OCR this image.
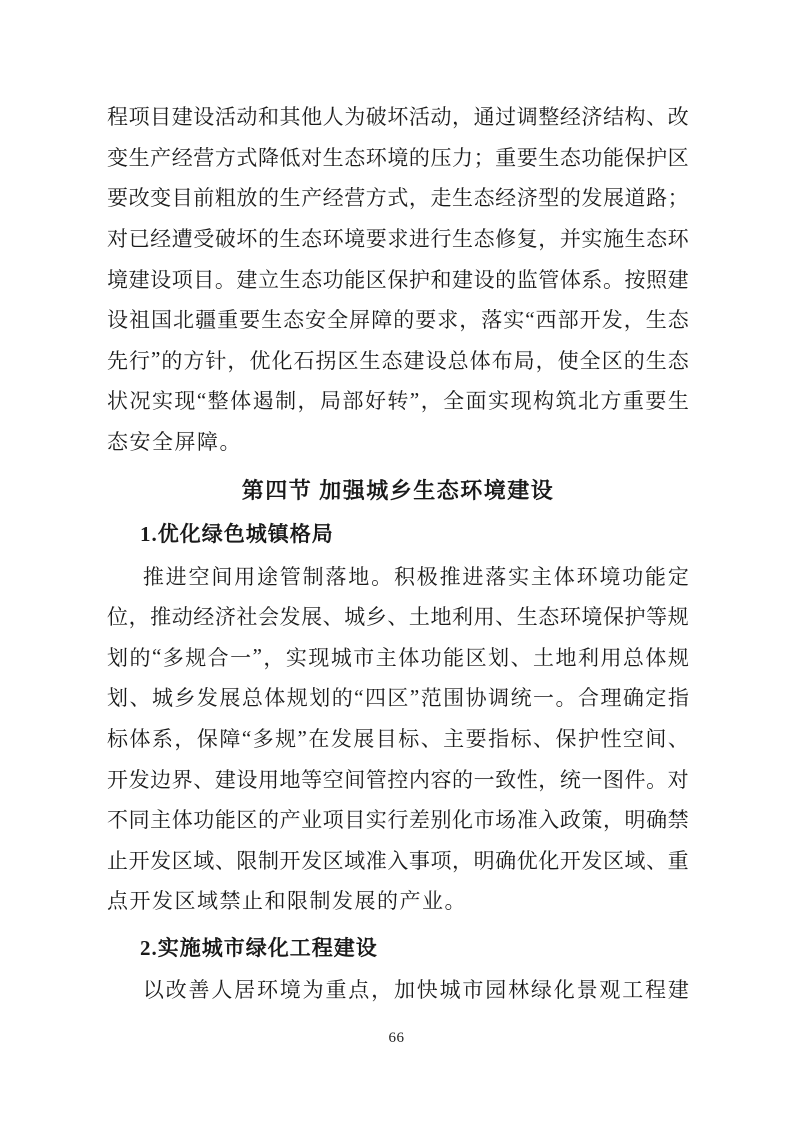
程 项 目 建 设 活 动 和 其 他 人 为 破 坏 活 动 ， 通 过 调 整 经 济 结 构 、 改
变 生 产 经 营 方 式 降 低 对 生 态 环 境 的 压 力 ； 重 要 生 态 功 能 保 护 区
要 改 变 目 前 粗 放 的 生 产 经 营 方 式 ， 走 生 态 经 济 型 的 发 展 道 路 ；
对 已 经 遭 受 破 坏 的 生 态 环 境 要 求 进 行 生 态 修 复 ， 并 实 施 生 态 环
境 建 设 项 目 。 建 立 生 态 功 能 区 保 护 和 建 设 的 监 管 体 系 。 按 照 建
设 祖 国 北 疆 重 要 生 态 安 全 屏 障 的 要 求 ， 落 实 “ 西 部 开 发 ， 生 态
先 行 ” 的 方 针 ， 优 化 石 拐 区 生 态 建 设 总 体 布 局 ， 使 全 区 的 生 态
状 况 实 现 “ 整 体 遏 制 ， 局 部 好 转 ” ， 全 面 实 现 构 筑 北 方 重 要 生
态安全屏障。
第四节 加强城乡生态环境建设
1.优化绿色城镇格局
推 进 空 间 用 途 管 制 落 地 。 积 极 推 进 落 实 主 体 环 境 功 能 定
位 ， 推 动 经 济 社 会 发 展 、 城 乡 、 土 地 利 用 、 生 态 环 境 保 护 等 规
划 的 “ 多 规 合 一 ” ， 实 现 城 市 主 体 功 能 区 划 、 土 地 利 用 总 体 规
划 、 城 乡 发 展 总 体 规 划 的 “ 四 区 ” 范 围 协 调 统 一 。 合 理 确 定 指
标 体 系 ， 保 障 “ 多 规 ” 在 发 展 目 标 、 主 要 指 标 、 保 护 性 空 间 、
开 发 边 界 、 建 设 用 地 等 空 间 管 控 内 容 的 一 致 性 ， 统 一 图 件 。 对
不 同 主 体 功 能 区 的 产 业 项 目 实 行 差 别 化 市 场 准 入 政 策 ， 明 确 禁
止 开 发 区 域 、 限 制 开 发 区 域 准 入 事 项 ， 明 确 优 化 开 发 区 域 、 重
点开发区域禁止和限制发展的产业。
2.实施城市绿化工程建设
以 改 善 人 居 环 境 为 重 点 ， 加 快 城 市 园 林 绿 化 景 观 工 程 建
66
